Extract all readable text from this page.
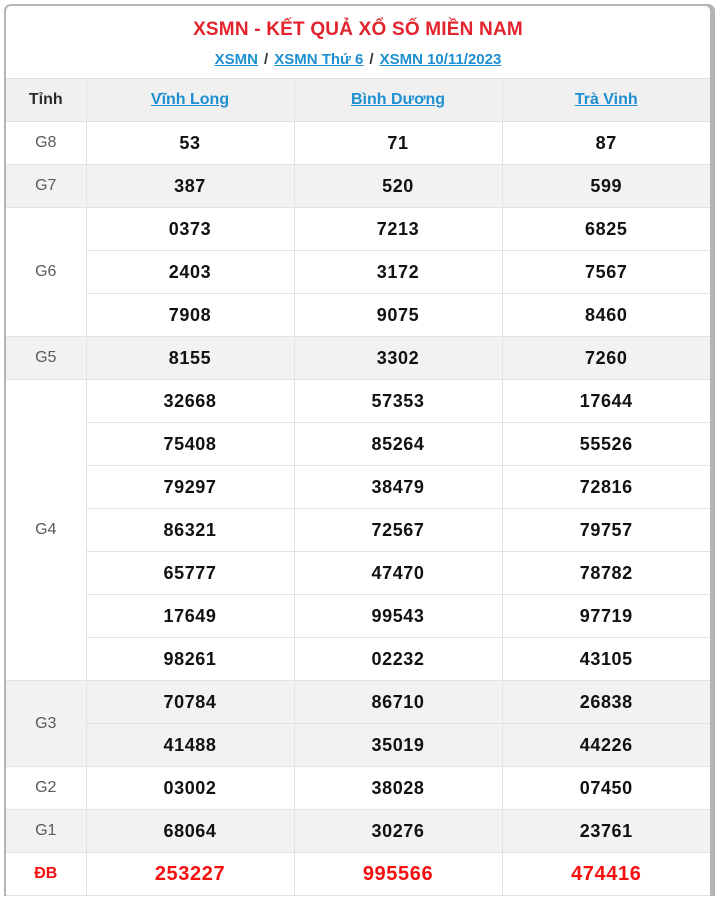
XSMN - KẾT QUẢ XỔ SỐ MIỀN NAM
XSMN / XSMN Thứ 6 / XSMN 10/11/2023
Tỉnh	Vĩnh Long	Bình Dương	Trà Vinh
G8	53	71	87
G7	387	520	599
G6	0373	7213	6825
	2403	3172	7567
	7908	9075	8460
G5	8155	3302	7260
G4	32668	57353	17644
	75408	85264	55526
	79297	38479	72816
	86321	72567	79757
	65777	47470	78782
	17649	99543	97719
	98261	02232	43105
G3	70784	86710	26838
	41488	35019	44226
G2	03002	38028	07450
G1	68064	30276	23761
ĐB	253227	995566	474416
